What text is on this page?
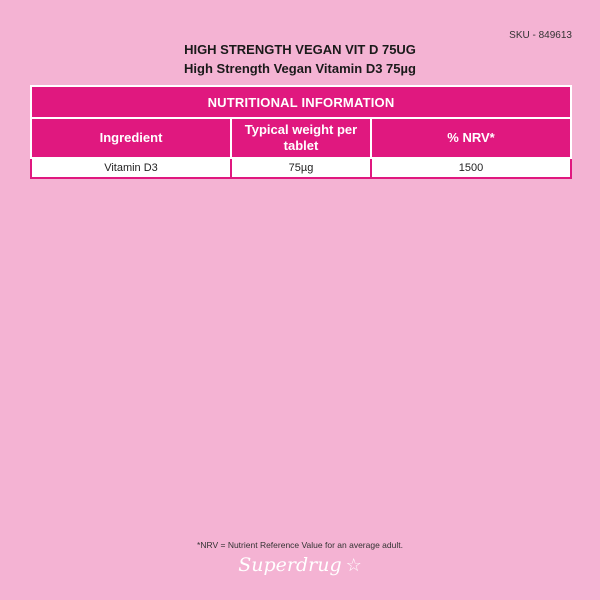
SKU - 849613
HIGH STRENGTH VEGAN VIT D 75UG
High Strength Vegan Vitamin D3 75µg
NUTRITIONAL INFORMATION		
Ingredient	Typical weight per tablet	% NRV*
Vitamin D3	75µg	1500
*NRV = Nutrient Reference Value for an average adult.
Superdrug ☆
